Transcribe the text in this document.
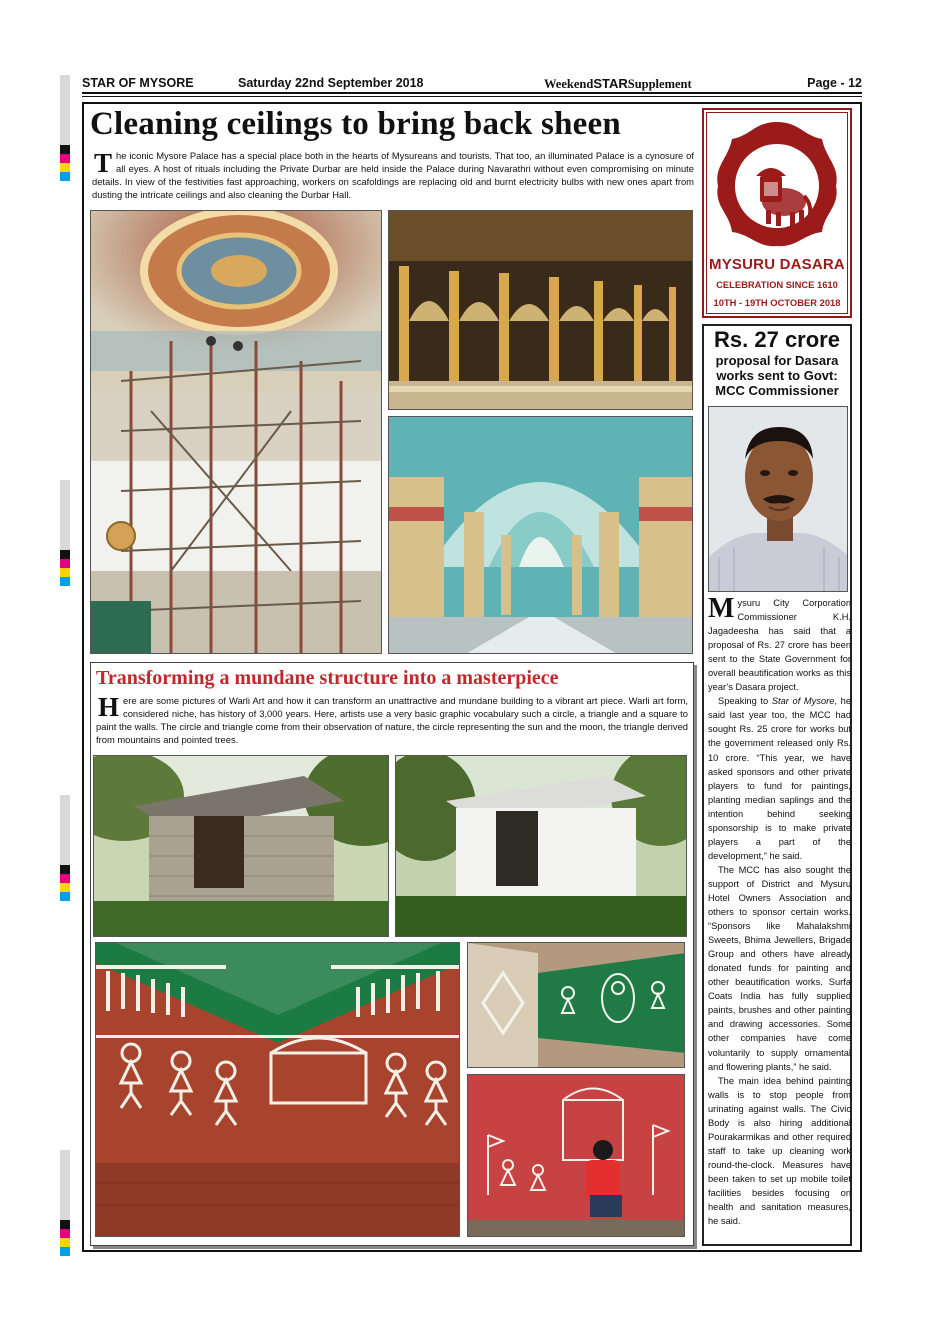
STAR OF MYSORE	Saturday 22nd September 2018	WeekendSTARSupplement	Page - 12
Cleaning ceilings to bring back sheen
The iconic Mysore Palace has a special place both in the hearts of Mysureans and tourists. That too, an illuminated Palace is a cynosure of all eyes. A host of rituals including the Private Durbar are held inside the Palace during Navarathri without even compromising on minute details. In view of the festivities fast approaching, workers on scafoldings are replacing old and burnt electricity bulbs with new ones apart from dusting the intricate ceilings and also cleaning the Durbar Hall.
MYSURU DASARA
CELEBRATION SINCE 1610
10TH - 19TH OCTOBER 2018
Rs. 27 crore
proposal for Dasara works sent to Govt: MCC Commissioner

Mysuru City Corporation Commissioner K.H. Jagadeesha has said that a proposal of Rs. 27 crore has been sent to the State Government for overall beautification works as this year’s Dasara project.

Speaking to Star of Mysore, he said last year too, the MCC had sought Rs. 25 crore for works but the government released only Rs. 10 crore. “This year, we have asked sponsors and other private players to fund for paintings, planting median saplings and the intention behind seeking sponsorship is to make private players a part of the development,” he said.

The MCC has also sought the support of District and Mysuru Hotel Owners Association and others to sponsor certain works. “Sponsors like Mahalakshmi Sweets, Bhima Jewellers, Brigade Group and others have already donated funds for painting and other beautification works. Surfa Coats India has fully supplied paints, brushes and other painting and drawing accessories. Some other companies have come voluntarily to supply ornamental and flowering plants,” he said.

The main idea behind painting walls is to stop people from urinating against walls. The Civic Body is also hiring additional Pourakarmikas and other required staff to take up cleaning work round-the-clock. Measures have been taken to set up mobile toilet facilities besides focusing on health and sanitation measures, he said.

Transforming a mundane structure into a masterpiece
Here are some pictures of Warli Art and how it can transform an unattractive and mundane building to a vibrant art piece. Warli art form, considered niche, has history of 3,000 years. Here, artists use a very basic graphic vocabulary such a circle, a triangle and a square to paint the walls. The circle and triangle come from their observation of nature, the circle representing the sun and the moon, the triangle derived from mountains and pointed trees.
